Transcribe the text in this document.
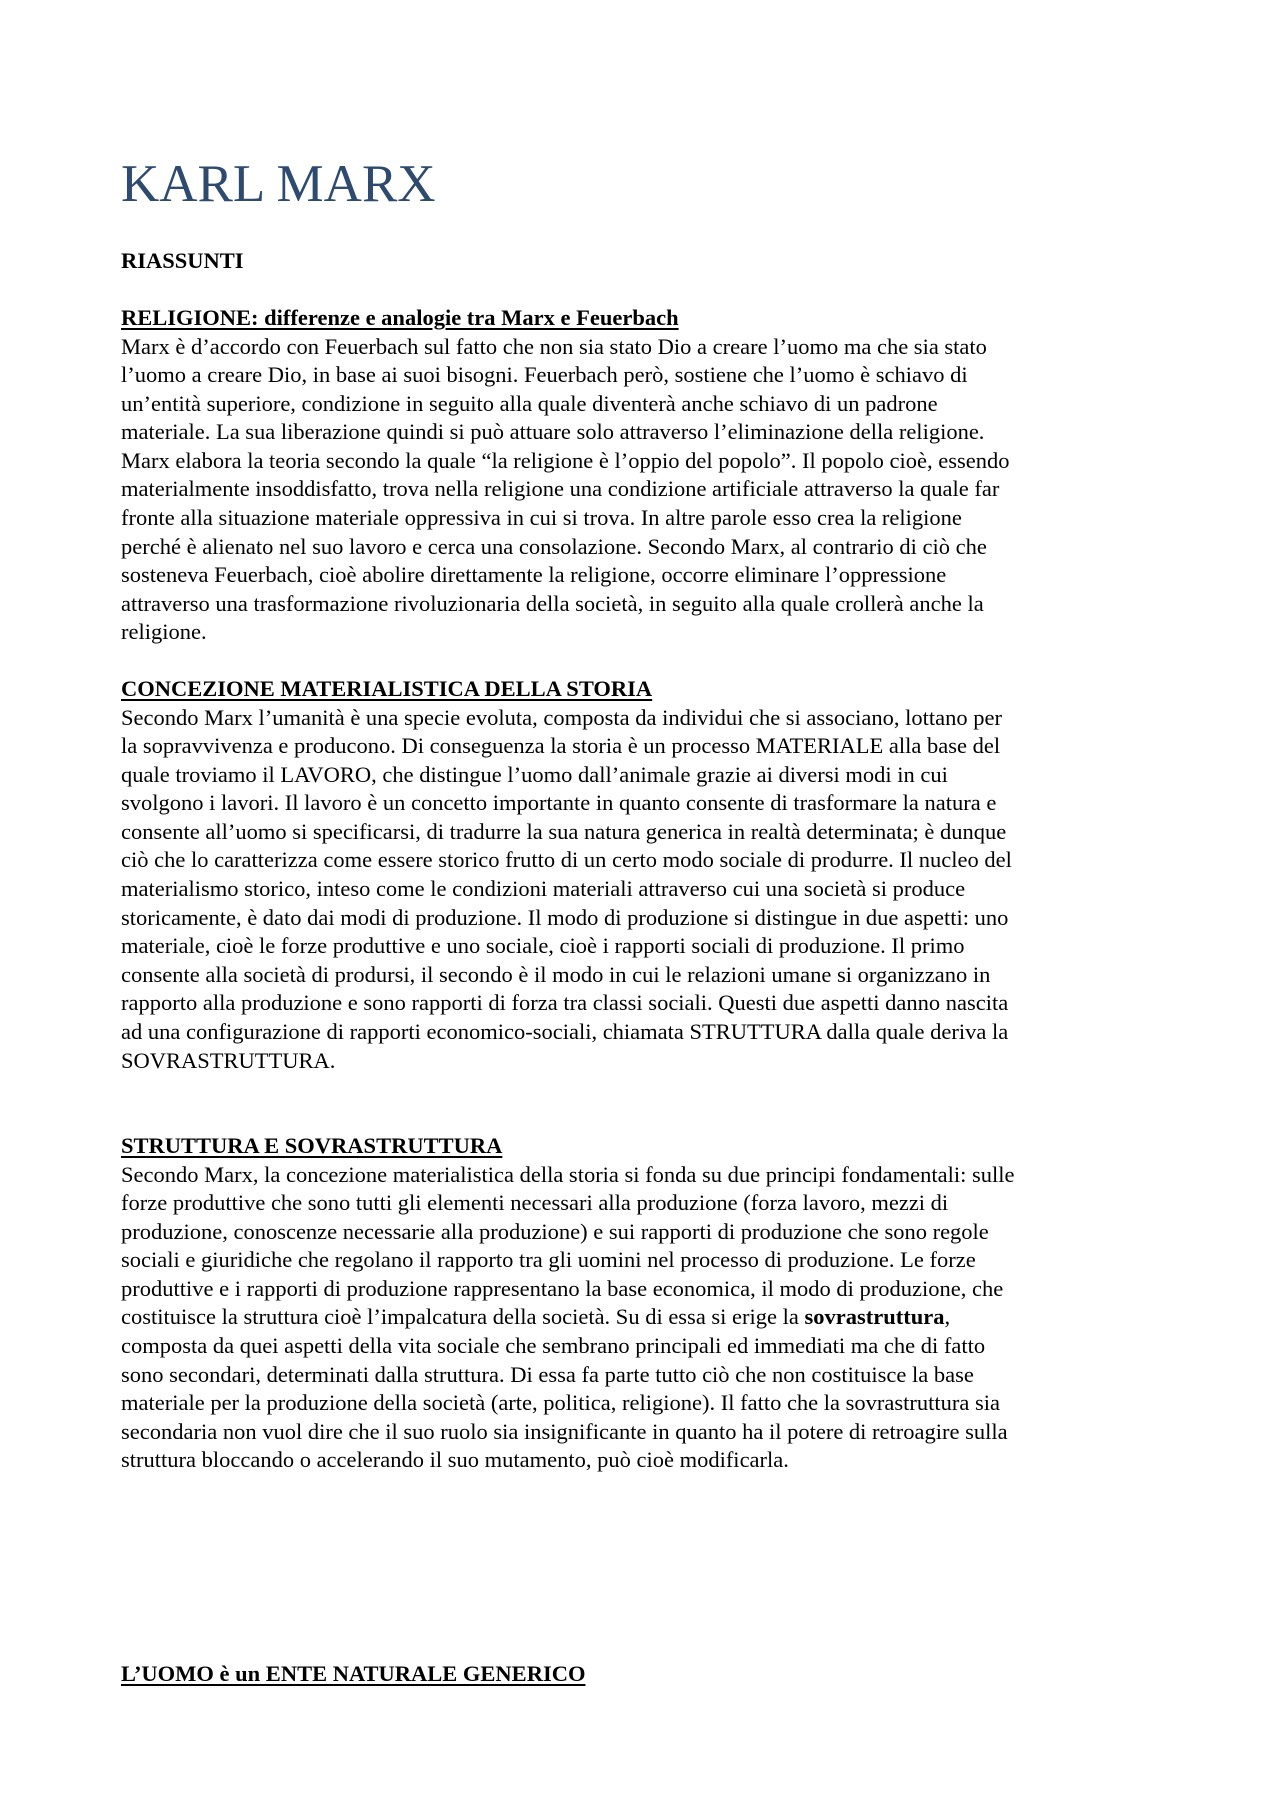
KARL MARX
RIASSUNTI
RELIGIONE: differenze e analogie tra Marx e Feuerbach

Marx è d’accordo con Feuerbach sul fatto che non sia stato Dio a creare l’uomo ma che sia stato
l’uomo a creare Dio, in base ai suoi bisogni. Feuerbach però, sostiene che l’uomo è schiavo di
un’entità superiore, condizione in seguito alla quale diventerà anche schiavo di un padrone
materiale. La sua liberazione quindi si può attuare solo attraverso l’eliminazione della religione.
Marx elabora la teoria secondo la quale “la religione è l’oppio del popolo”. Il popolo cioè, essendo
materialmente insoddisfatto, trova nella religione una condizione artificiale attraverso la quale far
fronte alla situazione materiale oppressiva in cui si trova. In altre parole esso crea la religione
perché è alienato nel suo lavoro e cerca una consolazione. Secondo Marx, al contrario di ciò che
sosteneva Feuerbach, cioè abolire direttamente la religione, occorre eliminare l’oppressione
attraverso una trasformazione rivoluzionaria della società, in seguito alla quale crollerà anche la
religione.

CONCEZIONE MATERIALISTICA DELLA STORIA

Secondo Marx l’umanità è una specie evoluta, composta da individui che si associano, lottano per
la sopravvivenza e producono. Di conseguenza la storia è un processo MATERIALE alla base del
quale troviamo il LAVORO, che distingue l’uomo dall’animale grazie ai diversi modi in cui
svolgono i lavori. Il lavoro è un concetto importante in quanto consente di trasformare la natura e
consente all’uomo si specificarsi, di tradurre la sua natura generica in realtà determinata; è dunque
ciò che lo caratterizza come essere storico frutto di un certo modo sociale di produrre. Il nucleo del
materialismo storico, inteso come le condizioni materiali attraverso cui una società si produce
storicamente, è dato dai modi di produzione. Il modo di produzione si distingue in due aspetti: uno
materiale, cioè le forze produttive e uno sociale, cioè i rapporti sociali di produzione. Il primo
consente alla società di prodursi, il secondo è il modo in cui le relazioni umane si organizzano in
rapporto alla produzione e sono rapporti di forza tra classi sociali. Questi due aspetti danno nascita
ad una configurazione di rapporti economico-sociali, chiamata STRUTTURA dalla quale deriva la
SOVRASTRUTTURA.

STRUTTURA E SOVRASTRUTTURA

Secondo Marx, la concezione materialistica della storia si fonda su due principi fondamentali: sulle
forze produttive che sono tutti gli elementi necessari alla produzione (forza lavoro, mezzi di
produzione, conoscenze necessarie alla produzione) e sui rapporti di produzione che sono regole
sociali e giuridiche che regolano il rapporto tra gli uomini nel processo di produzione. Le forze
produttive e i rapporti di produzione rappresentano la base economica, il modo di produzione, che
costituisce la struttura cioè l’impalcatura della società. Su di essa si erige la sovrastruttura,
composta da quei aspetti della vita sociale che sembrano principali ed immediati ma che di fatto
sono secondari, determinati dalla struttura. Di essa fa parte tutto ciò che non costituisce la base
materiale per la produzione della società (arte, politica, religione). Il fatto che la sovrastruttura sia
secondaria non vuol dire che il suo ruolo sia insignificante in quanto ha il potere di retroagire sulla
struttura bloccando o accelerando il suo mutamento, può cioè modificarla.

L’UOMO è un ENTE NATURALE GENERICO
